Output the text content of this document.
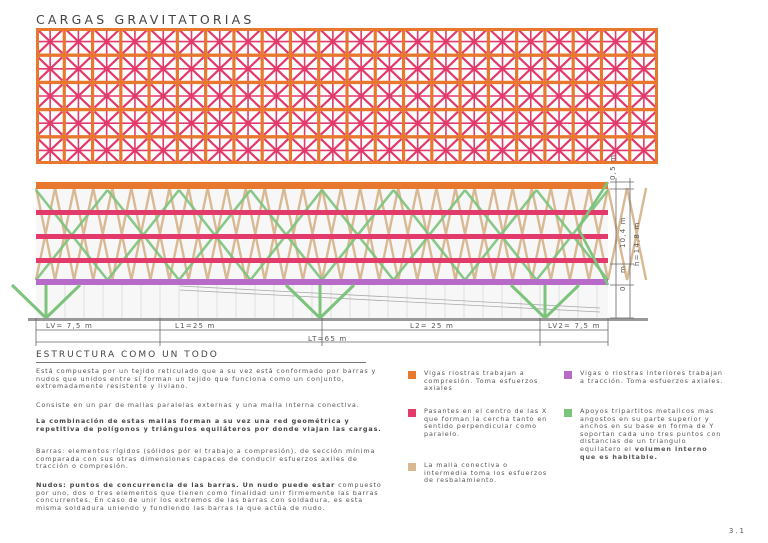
CARGAS GRAVITATORIAS
LV= 7,5 m	L1=25 m	L2= 25 m	LV2= 7,5 m
LT=65 m
0,5 m
10,4 m
m
0
h=14,8 m
ESTRUCTURA COMO UN TODO
Está compuesta por un tejido reticulado que a su vez está conformado por barras y nudos que unidos entre sí forman un tejido que funciona como un conjunto, extremadamente resistente y liviano.
Consiste en un par de mallas paralelas externas y una malla interna conectiva.
La combinación de estas mallas forman a su vez una red geométrica y repetitiva de polígonos y triángulos equiláteros por donde viajan las cargas.
Barras: elementos rígidos (sólidos por el trabajo a compresión), de sección mínima comparada con sus otras dimensiones capaces de conducir esfuerzos axiles de tracción o compresión.
Nudos: puntos de concurrencia de las barras. Un nudo puede estar compuesto por uno, dos o tres elementos que tienen como finalidad unir firmemente las barras concurrentes. En caso de unir los extremos de las barras con soldadura, es esta misma soldadura uniendo y fundiendo las barras la que actúa de nudo.
Vigas riostras trabajan a compresión. Toma esfuerzos axiales
Pasantes en el centro de las X que forman la cercha tanto en sentido perpendicular como paralelo.
La malla conectiva o intermedia toma los esfuerzos de resbalamiento.
Vigas o riostras interiores trabajan a tracción. Toma esfuerzos axiales.
Apoyos tripartitos metalicos mas angostos en su parte superior y anchos en su base en forma de Y soportan cada uno tres puntos con distancias de un triangulo equilatero el volumen interno que es habitable.
3.1
